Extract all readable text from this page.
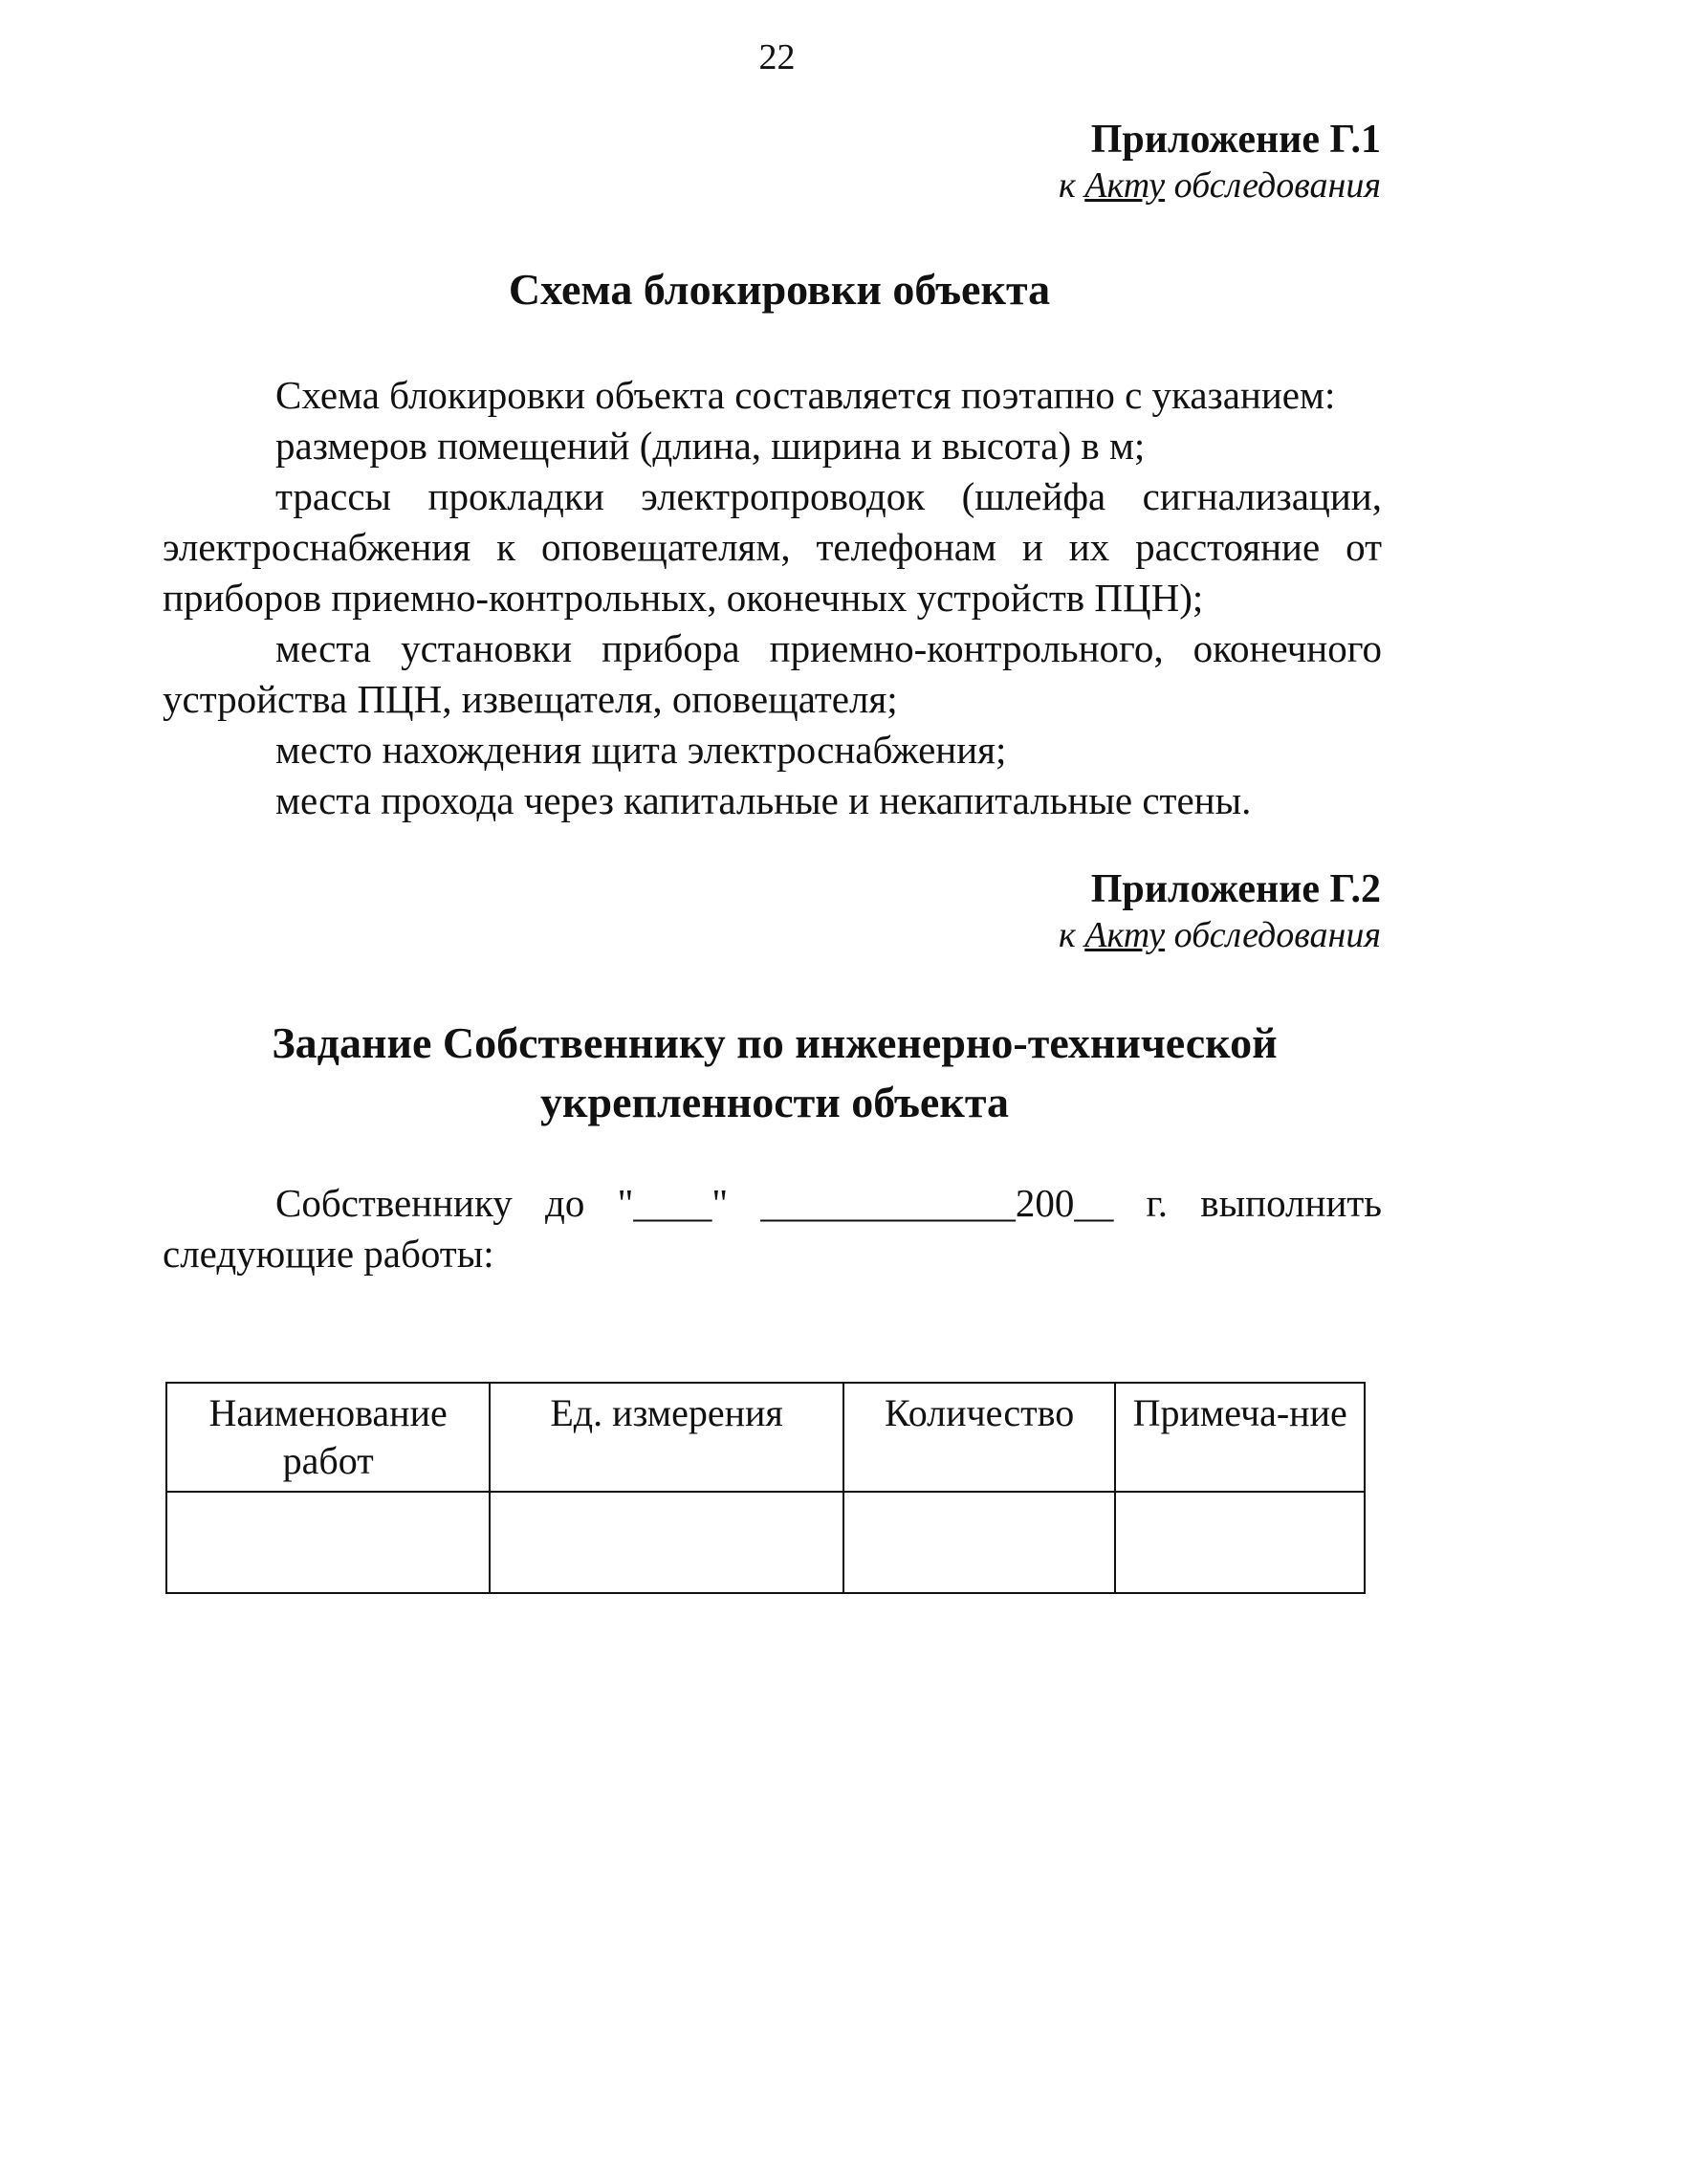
22
Приложение Г.1
к Акту обследования
Схема блокировки объекта

Схема блокировки объекта составляется поэтапно с указанием:

размеров помещений (длина, ширина и высота) в м;

трассы прокладки электропроводок (шлейфа сигнализации, электроснабжения к оповещателям, телефонам и их расстояние от приборов приемно-контрольных, оконечных устройств ПЦН);

места установки прибора приемно-контрольного, оконечного устройства ПЦН, извещателя, оповещателя;

место нахождения щита электроснабжения;

места прохода через капитальные и некапитальные стены.

Приложение Г.2
к Акту обследования
Задание Собственнику по инженерно-технической
укрепленности объекта

Собственнику до "____" _____________200__ г. выполнить следующие работы:

Наименование работ	Ед. измерения	Количество	Примеча-ние
